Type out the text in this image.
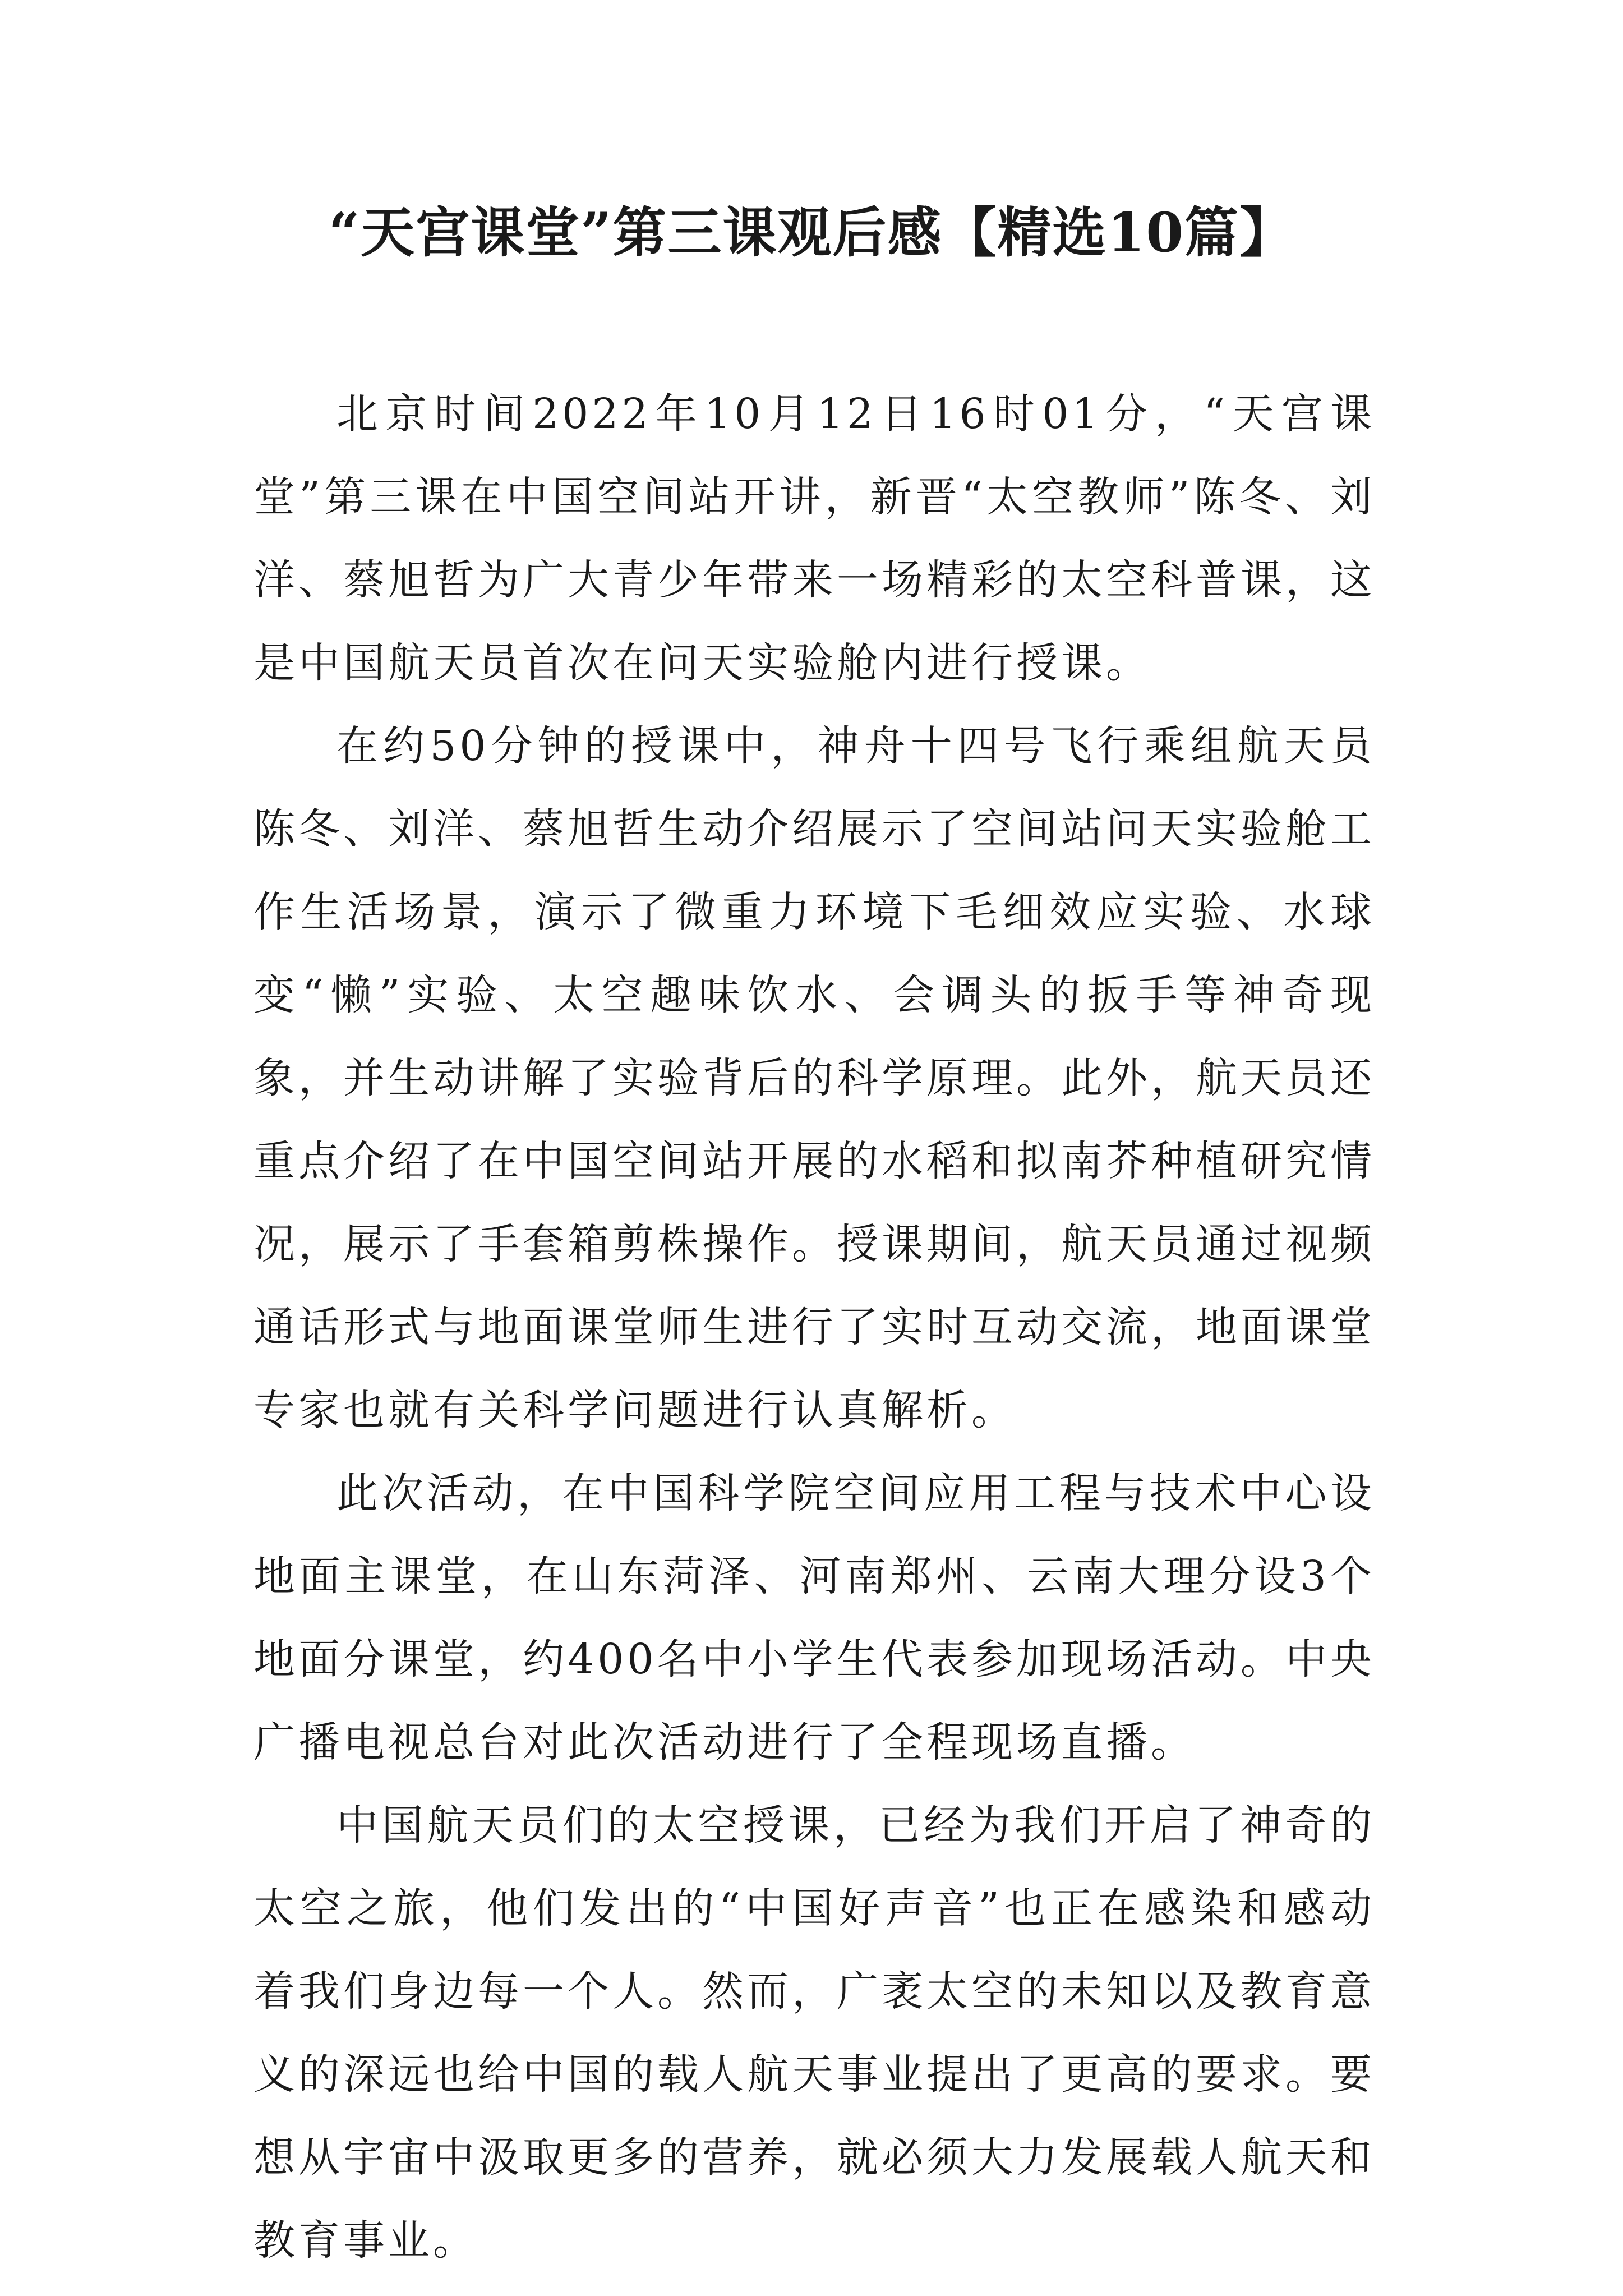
“天宫课堂”第三课观后感【精选10篇】

北京时间2022年10月12日16时01分，“天宫课堂”第三课在中国空间站开讲，新晋“太空教师”陈冬、刘洋、蔡旭哲为广大青少年带来一场精彩的太空科普课，这是中国航天员首次在问天实验舱内进行授课。

在约50分钟的授课中，神舟十四号飞行乘组航天员陈冬、刘洋、蔡旭哲生动介绍展示了空间站问天实验舱工作生活场景，演示了微重力环境下毛细效应实验、水球变“懒”实验、太空趣味饮水、会调头的扳手等神奇现象，并生动讲解了实验背后的科学原理。此外，航天员还重点介绍了在中国空间站开展的水稻和拟南芥种植研究情况，展示了手套箱剪株操作。授课期间，航天员通过视频通话形式与地面课堂师生进行了实时互动交流，地面课堂专家也就有关科学问题进行认真解析。

此次活动，在中国科学院空间应用工程与技术中心设地面主课堂，在山东菏泽、河南郑州、云南大理分设3个地面分课堂，约400名中小学生代表参加现场活动。中央广播电视总台对此次活动进行了全程现场直播。

中国航天员们的太空授课，已经为我们开启了神奇的太空之旅，他们发出的“中国好声音”也正在感染和感动着我们身边每一个人。然而，广袤太空的未知以及教育意义的深远也给中国的载人航天事业提出了更高的要求。要想从宇宙中汲取更多的营养，就必须大力发展载人航天和教育事业。
